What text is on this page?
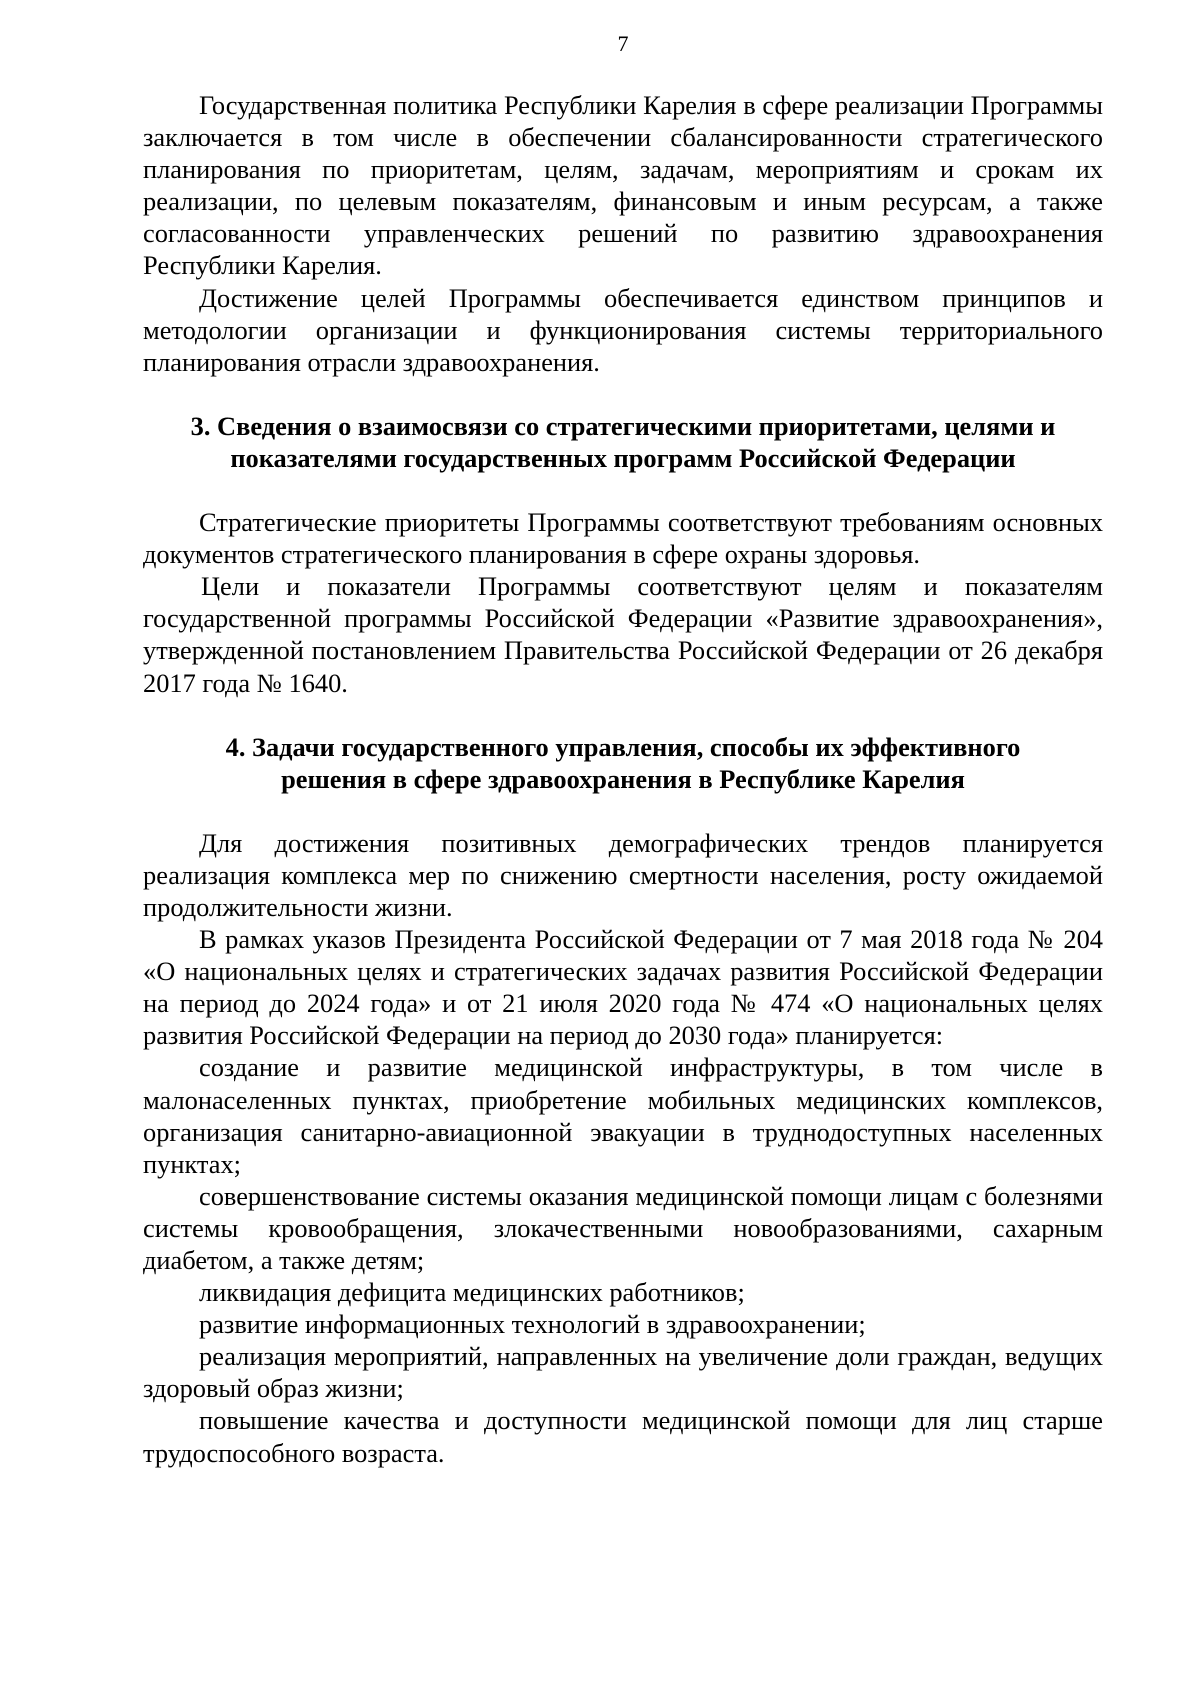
7

Государственная политика Республики Карелия в сфере реализации Программы заключается в том числе в обеспечении сбалансированности стратегического планирования по приоритетам, целям, задачам, мероприятиям и срокам их реализации, по целевым показателям, финансовым и иным ресурсам, а также согласованности управленческих решений по развитию здравоохранения Республики Карелия.

Достижение целей Программы обеспечивается единством принципов и методологии организации и функционирования системы территориального планирования отрасли здравоохранения.

3. Сведения о взаимосвязи со стратегическими приоритетами, целями и
показателями государственных программ Российской Федерации

Стратегические приоритеты Программы соответствуют требованиям основных документов стратегического планирования в сфере охраны здоровья.

Цели и показатели Программы соответствуют целям и показателям государственной программы Российской Федерации «Развитие здравоохранения», утвержденной постановлением Правительства Российской Федерации от 26 декабря 2017 года № 1640.

4. Задачи государственного управления, способы их эффективного
решения в сфере здравоохранения в Республике Карелия

Для достижения позитивных демографических трендов планируется реализация комплекса мер по снижению смертности населения, росту ожидаемой продолжительности жизни.

В рамках указов Президента Российской Федерации от 7 мая 2018 года № 204 «О национальных целях и стратегических задачах развития Российской Федерации на период до 2024 года» и от 21 июля 2020 года № 474 «О национальных целях развития Российской Федерации на период до 2030 года» планируется:

создание и развитие медицинской инфраструктуры, в том числе в малонаселенных пунктах, приобретение мобильных медицинских комплексов, организация санитарно-авиационной эвакуации в труднодоступных населенных пунктах;

совершенствование системы оказания медицинской помощи лицам с болезнями системы кровообращения, злокачественными новообразованиями, сахарным диабетом, а также детям;

ликвидация дефицита медицинских работников;

развитие информационных технологий в здравоохранении;

реализация мероприятий, направленных на увеличение доли граждан, ведущих здоровый образ жизни;

повышение качества и доступности медицинской помощи для лиц старше трудоспособного возраста.
